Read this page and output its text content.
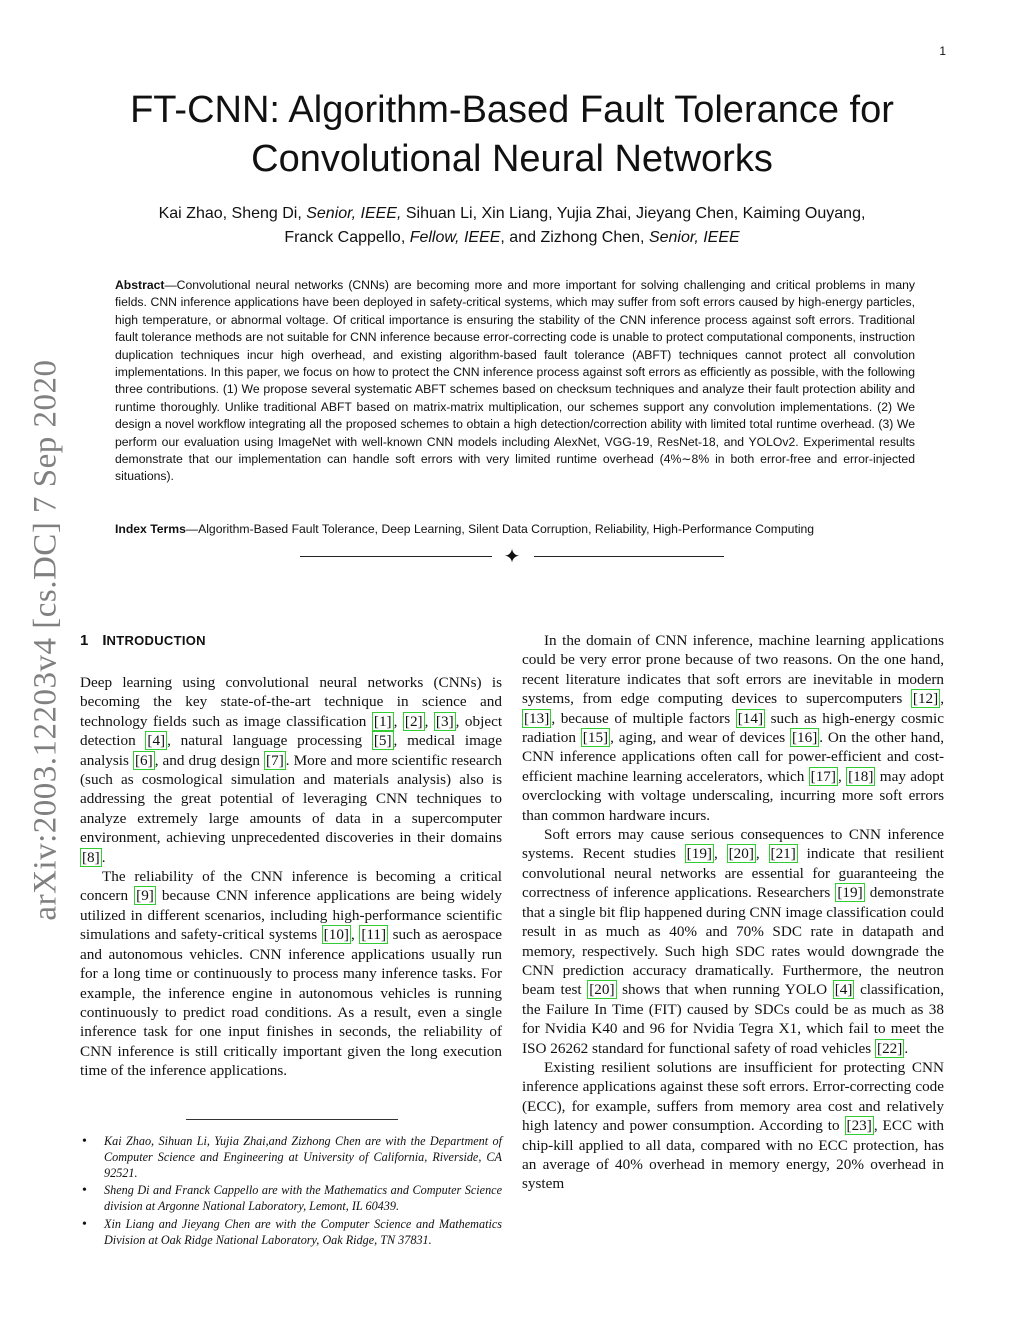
1
arXiv:2003.12203v4 [cs.DC] 7 Sep 2020
FT-CNN: Algorithm-Based Fault Tolerance for
Convolutional Neural Networks
Kai Zhao, Sheng Di, Senior, IEEE, Sihuan Li, Xin Liang, Yujia Zhai, Jieyang Chen, Kaiming Ouyang,
Franck Cappello, Fellow, IEEE, and Zizhong Chen, Senior, IEEE
Abstract—Convolutional neural networks (CNNs) are becoming more and more important for solving challenging and critical problems in many fields. CNN inference applications have been deployed in safety-critical systems, which may suffer from soft errors caused by high-energy particles, high temperature, or abnormal voltage. Of critical importance is ensuring the stability of the CNN inference process against soft errors. Traditional fault tolerance methods are not suitable for CNN inference because error-correcting code is unable to protect computational components, instruction duplication techniques incur high overhead, and existing algorithm-based fault tolerance (ABFT) techniques cannot protect all convolution implementations. In this paper, we focus on how to protect the CNN inference process against soft errors as efficiently as possible, with the following three contributions. (1) We propose several systematic ABFT schemes based on checksum techniques and analyze their fault protection ability and runtime thoroughly. Unlike traditional ABFT based on matrix-matrix multiplication, our schemes support any convolution implementations. (2) We design a novel workflow integrating all the proposed schemes to obtain a high detection/correction ability with limited total runtime overhead. (3) We perform our evaluation using ImageNet with well-known CNN models including AlexNet, VGG-19, ResNet-18, and YOLOv2. Experimental results demonstrate that our implementation can handle soft errors with very limited runtime overhead (4%∼8% in both error-free and error-injected situations).
Index Terms—Algorithm-Based Fault Tolerance, Deep Learning, Silent Data Corruption, Reliability, High-Performance Computing
✦
1 INTRODUCTION

Deep learning using convolutional neural networks (CNNs) is becoming the key state-of-the-art technique in science and technology fields such as image classification [1] , [2] , [3] , object detection [4] , natural language processing [5] , medical image analysis [6] , and drug design [7] . More and more scientific research (such as cosmological simulation and materials analysis) also is addressing the great potential of leveraging CNN techniques to analyze extremely large amounts of data in a supercomputer environment, achieving unprecedented discoveries in their domains [8] .

The reliability of the CNN inference is becoming a critical concern [9] because CNN inference applications are being widely utilized in different scenarios, including high-performance scientific simulations and safety-critical systems [10] , [11] such as aerospace and autonomous vehicles. CNN inference applications usually run for a long time or continuously to process many inference tasks. For example, the inference engine in autonomous vehicles is running continuously to predict road conditions. As a result, even a single inference task for one input finishes in seconds, the reliability of CNN inference is still critically important given the long execution time of the inference applications.

• Kai Zhao, Sihuan Li, Yujia Zhai,and Zizhong Chen are with the Department of Computer Science and Engineering at University of California, Riverside, CA 92521.
• Sheng Di and Franck Cappello are with the Mathematics and Computer Science division at Argonne National Laboratory, Lemont, IL 60439.
• Xin Liang and Jieyang Chen are with the Computer Science and Mathematics Division at Oak Ridge National Laboratory, Oak Ridge, TN 37831.

In the domain of CNN inference, machine learning applications could be very error prone because of two reasons. On the one hand, recent literature indicates that soft errors are inevitable in modern systems, from edge computing devices to supercomputers [12] , [13] , because of multiple factors [14] such as high-energy cosmic radiation [15] , aging, and wear of devices [16] . On the other hand, CNN inference applications often call for power-efficient and cost-efficient machine learning accelerators, which [17] , [18] may adopt overclocking with voltage underscaling, incurring more soft errors than common hardware incurs.

Soft errors may cause serious consequences to CNN inference systems. Recent studies [19] , [20] , [21] indicate that resilient convolutional neural networks are essential for guaranteeing the correctness of inference applications. Researchers [19] demonstrate that a single bit flip happened during CNN image classification could result in as much as 40% and 70% SDC rate in datapath and memory, respectively. Such high SDC rates would downgrade the CNN prediction accuracy dramatically. Furthermore, the neutron beam test [20] shows that when running YOLO [4] classification, the Failure In Time (FIT) caused by SDCs could be as much as 38 for Nvidia K40 and 96 for Nvidia Tegra X1, which fail to meet the ISO 26262 standard for functional safety of road vehicles [22] .

Existing resilient solutions are insufficient for protecting CNN inference applications against these soft errors. Error-correcting code (ECC), for example, suffers from memory area cost and relatively high latency and power consumption. According to [23] , ECC with chip-kill applied to all data, compared with no ECC protection, has an average of 40% overhead in memory energy, 20% overhead in system
